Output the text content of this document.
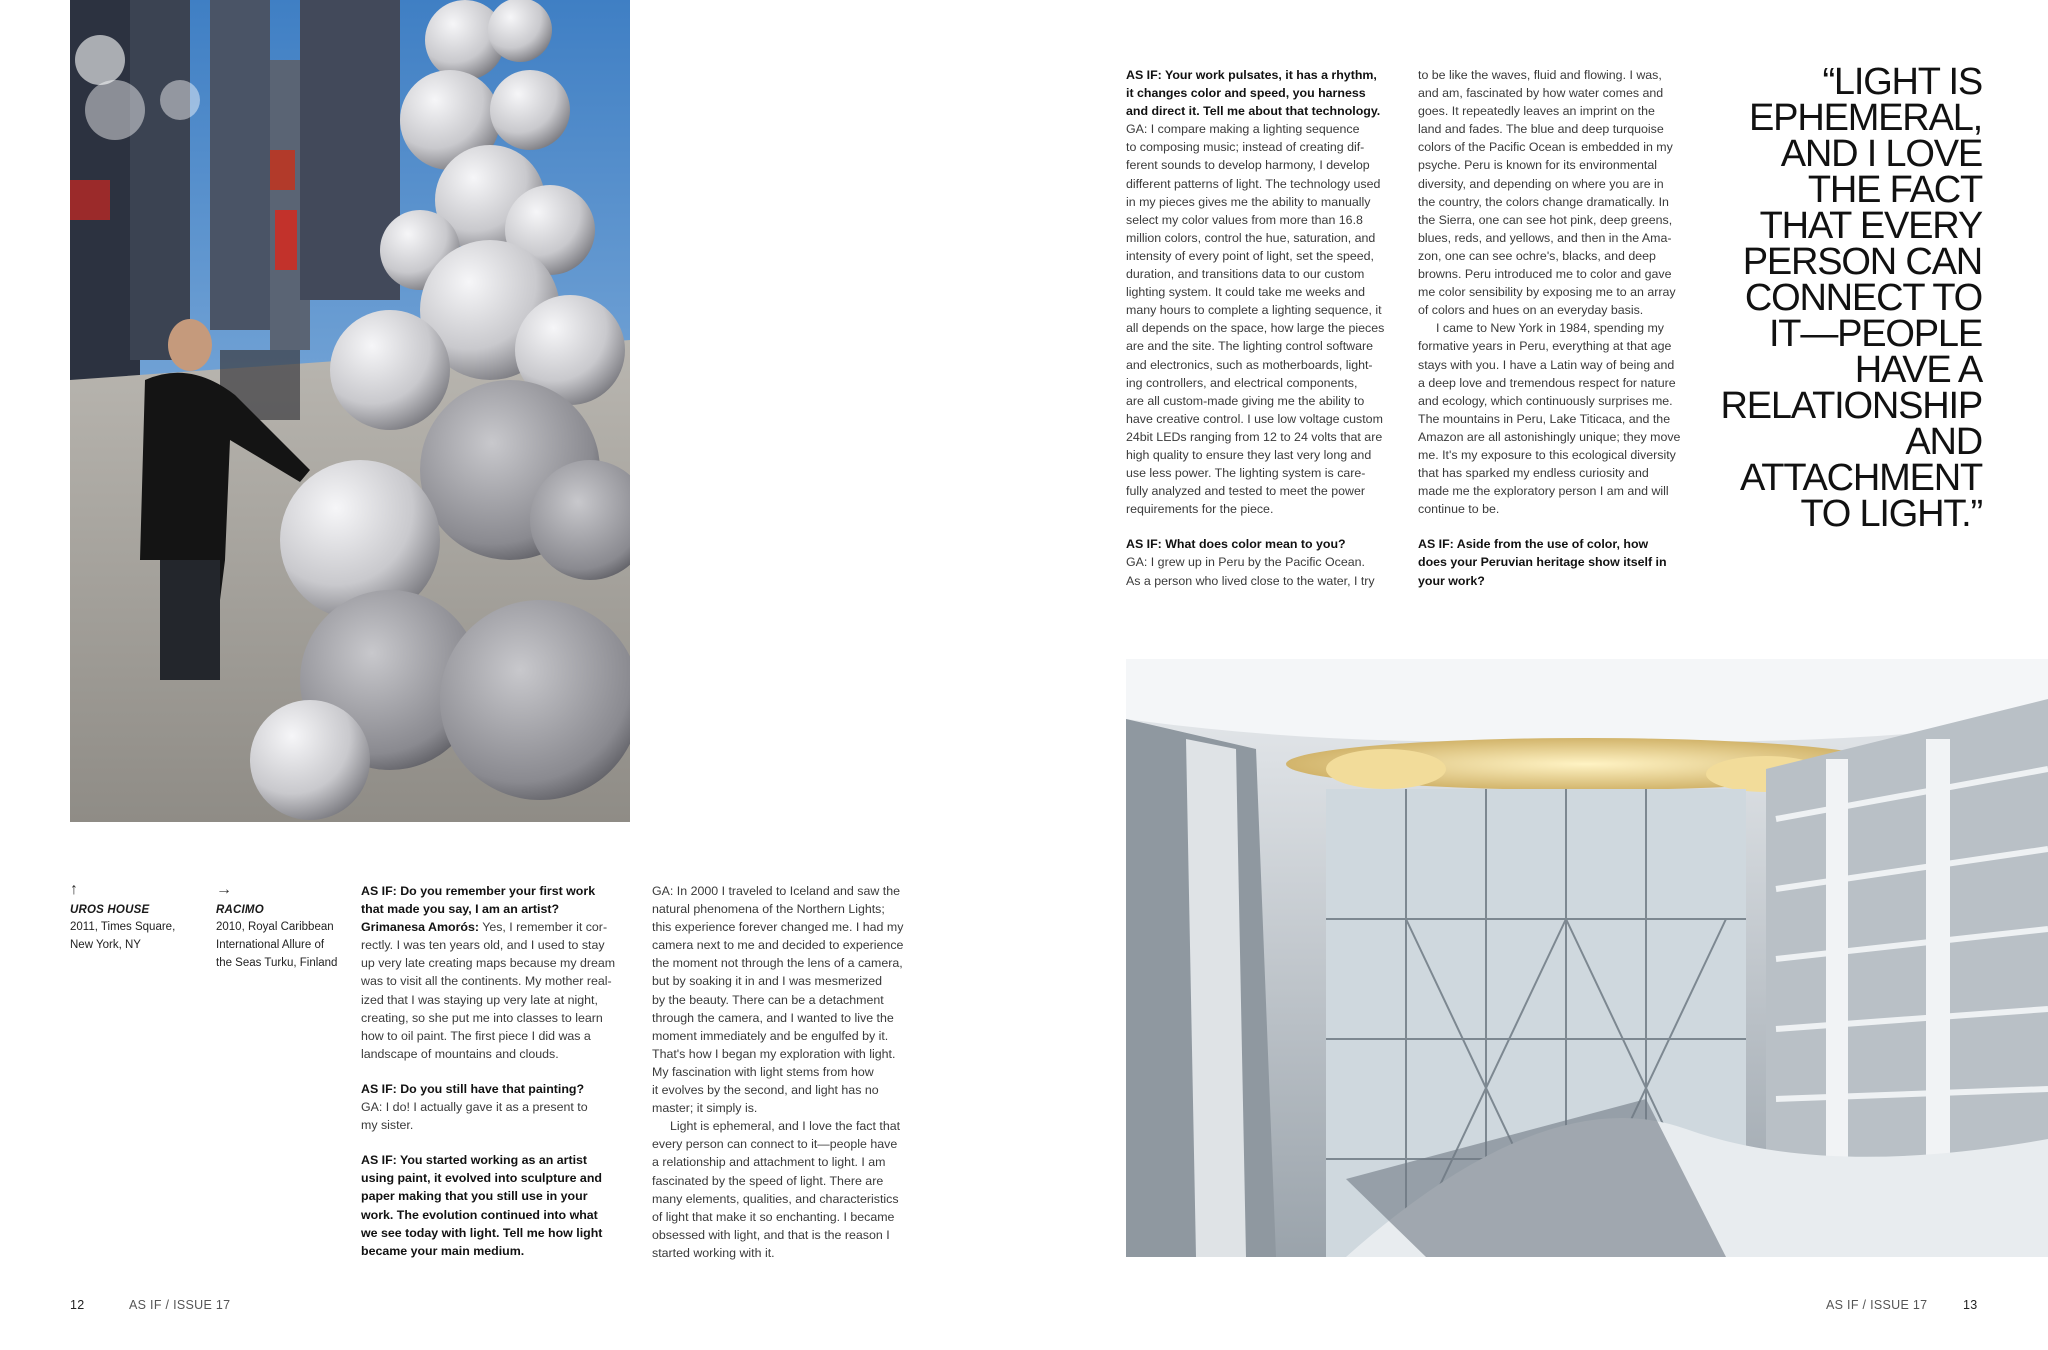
↑
UROS HOUSE
2011, Times Square,
New York, NY
→
RACIMO
2010, Royal Caribbean
International Allure of
the Seas Turku, Finland

AS IF: Do you remember your first work

that made you say, I am an artist?

Grimanesa Amorós: Yes, I remember it cor-

rectly. I was ten years old, and I used to stay

up very late creating maps because my dream

was to visit all the continents. My mother real-

ized that I was staying up very late at night,

creating, so she put me into classes to learn

how to oil paint. The first piece I did was a

landscape of mountains and clouds.

AS IF: Do you still have that painting?

GA: I do! I actually gave it as a present to

my sister.

AS IF: You started working as an artist

using paint, it evolved into sculpture and

paper making that you still use in your

work. The evolution continued into what

we see today with light. Tell me how light

became your main medium.

GA: In 2000 I traveled to Iceland and saw the

natural phenomena of the Northern Lights;

this experience forever changed me. I had my

camera next to me and decided to experience

the moment not through the lens of a camera,

but by soaking it in and I was mesmerized

by the beauty. There can be a detachment

through the camera, and I wanted to live the

moment immediately and be engulfed by it.

That's how I began my exploration with light.

My fascination with light stems from how

it evolves by the second, and light has no

master; it simply is.

Light is ephemeral, and I love the fact that

every person can connect to it—people have

a relationship and attachment to light. I am

fascinated by the speed of light. There are

many elements, qualities, and characteristics

of light that make it so enchanting. I became

obsessed with light, and that is the reason I

started working with it.

AS IF: Your work pulsates, it has a rhythm,

it changes color and speed, you harness

and direct it. Tell me about that technology.

GA: I compare making a lighting sequence

to composing music; instead of creating dif-

ferent sounds to develop harmony, I develop

different patterns of light. The technology used

in my pieces gives me the ability to manually

select my color values from more than 16.8

million colors, control the hue, saturation, and

intensity of every point of light, set the speed,

duration, and transitions data to our custom

lighting system. It could take me weeks and

many hours to complete a lighting sequence, it

all depends on the space, how large the pieces

are and the site. The lighting control software

and electronics, such as motherboards, light-

ing controllers, and electrical components,

are all custom-made giving me the ability to

have creative control. I use low voltage custom

24bit LEDs ranging from 12 to 24 volts that are

high quality to ensure they last very long and

use less power. The lighting system is care-

fully analyzed and tested to meet the power

requirements for the piece.

AS IF: What does color mean to you?

GA: I grew up in Peru by the Pacific Ocean.

As a person who lived close to the water, I try

to be like the waves, fluid and flowing. I was,

and am, fascinated by how water comes and

goes. It repeatedly leaves an imprint on the

land and fades. The blue and deep turquoise

colors of the Pacific Ocean is embedded in my

psyche. Peru is known for its environmental

diversity, and depending on where you are in

the country, the colors change dramatically. In

the Sierra, one can see hot pink, deep greens,

blues, reds, and yellows, and then in the Ama-

zon, one can see ochre's, blacks, and deep

browns. Peru introduced me to color and gave

me color sensibility by exposing me to an array

of colors and hues on an everyday basis.

I came to New York in 1984, spending my

formative years in Peru, everything at that age

stays with you. I have a Latin way of being and

a deep love and tremendous respect for nature

and ecology, which continuously surprises me.

The mountains in Peru, Lake Titicaca, and the

Amazon are all astonishingly unique; they move

me. It's my exposure to this ecological diversity

that has sparked my endless curiosity and

made me the exploratory person I am and will

continue to be.

AS IF: Aside from the use of color, how

does your Peruvian heritage show itself in

your work?

“LIGHT IS
EPHEMERAL,
AND I LOVE
THE FACT
THAT EVERY
PERSON CAN
CONNECT TO
IT—PEOPLE
HAVE A
RELATIONSHIP
AND
ATTACHMENT
TO LIGHT.”
12	AS IF / ISSUE 17	AS IF / ISSUE 17	13
